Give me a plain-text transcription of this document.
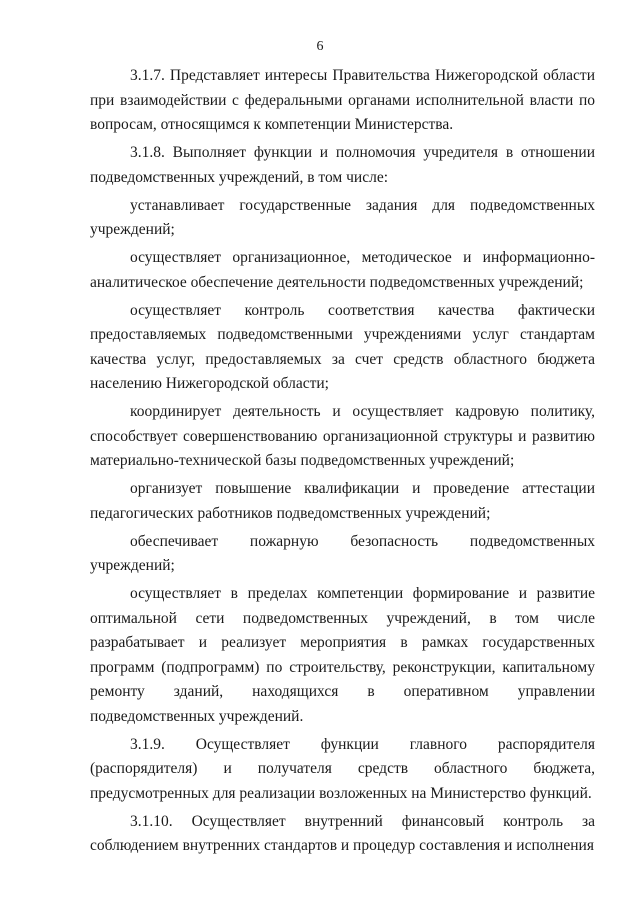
6

3.1.7. Представляет интересы Правительства Нижегородской области при взаимодействии с федеральными органами исполнительной власти по вопросам, относящимся к компетенции Министерства.

3.1.8. Выполняет функции и полномочия учредителя в отношении подведомственных учреждений, в том числе:

устанавливает государственные задания для подведомственных учреждений;

осуществляет организационное, методическое и информационно-аналитическое обеспечение деятельности подведомственных учреждений;

осуществляет контроль соответствия качества фактически предоставляемых подведомственными учреждениями услуг стандартам качества услуг, предоставляемых за счет средств областного бюджета населению Нижегородской области;

координирует деятельность и осуществляет кадровую политику, способствует совершенствованию организационной структуры и развитию материально-технической базы подведомственных учреждений;

организует повышение квалификации и проведение аттестации педагогических работников подведомственных учреждений;

обеспечивает пожарную безопасность подведомственных учреждений;

осуществляет в пределах компетенции формирование и развитие оптимальной сети подведомственных учреждений, в том числе разрабатывает и реализует мероприятия в рамках государственных программ (подпрограмм) по строительству, реконструкции, капитальному ремонту зданий, находящихся в оперативном управлении подведомственных учреждений.

3.1.9. Осуществляет функции главного распорядителя (распорядителя) и получателя средств областного бюджета, предусмотренных для реализации возложенных на Министерство функций.

3.1.10. Осуществляет внутренний финансовый контроль за соблюдением внутренних стандартов и процедур составления и исполнения
